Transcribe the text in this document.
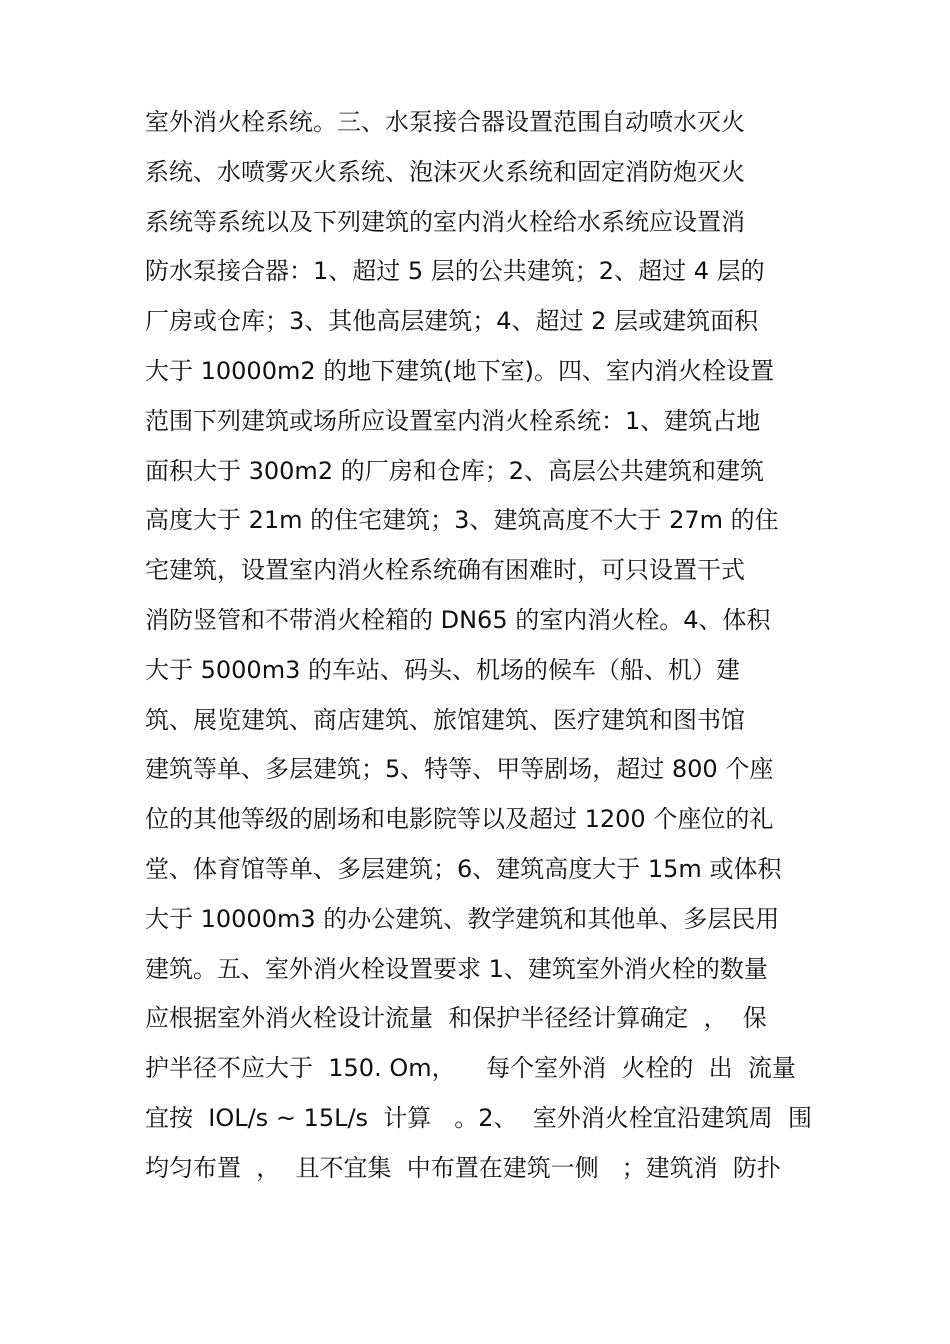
室外消火栓系统。三、水泵接合器设置范围自动喷水灭火
系统、水喷雾灭火系统、泡沫灭火系统和固定消防炮灭火
系统等系统以及下列建筑的室内消火栓给水系统应设置消
防水泵接合器：1、超过 5 层的公共建筑；2、超过 4 层的
厂房或仓库；3、其他高层建筑；4、超过 2 层或建筑面积
大于 10000m2 的地下建筑(地下室)。四、室内消火栓设置
范围下列建筑或场所应设置室内消火栓系统：1、建筑占地
面积大于 300m2 的厂房和仓库；2、高层公共建筑和建筑
高度大于 21m 的住宅建筑；3、建筑高度不大于 27m 的住
宅建筑，设置室内消火栓系统确有困难时，可只设置干式
消防竖管和不带消火栓箱的 DN65 的室内消火栓。4、体积
大于 5000m3 的车站、码头、机场的候车（船、机）建
筑、展览建筑、商店建筑、旅馆建筑、医疗建筑和图书馆
建筑等单、多层建筑；5、特等、甲等剧场，超过 800 个座
位的其他等级的剧场和电影院等以及超过 1200 个座位的礼
堂、体育馆等单、多层建筑；6、建筑高度大于 15m 或体积
大于 10000m3 的办公建筑、教学建筑和其他单、多层民用
建筑。五、室外消火栓设置要求 1、建筑室外消火栓的数量
应根据室外消火栓设计流量  和保护半径经计算确定  ，  保
护半径不应大于  150. Om，    每个室外消  火栓的  出  流量
宜按  IOL/s ~ 15L/s  计算   。2、  室外消火栓宜沿建筑周  围
均匀布置  ，  且不宜集  中布置在建筑一侧   ；建筑消  防扑
